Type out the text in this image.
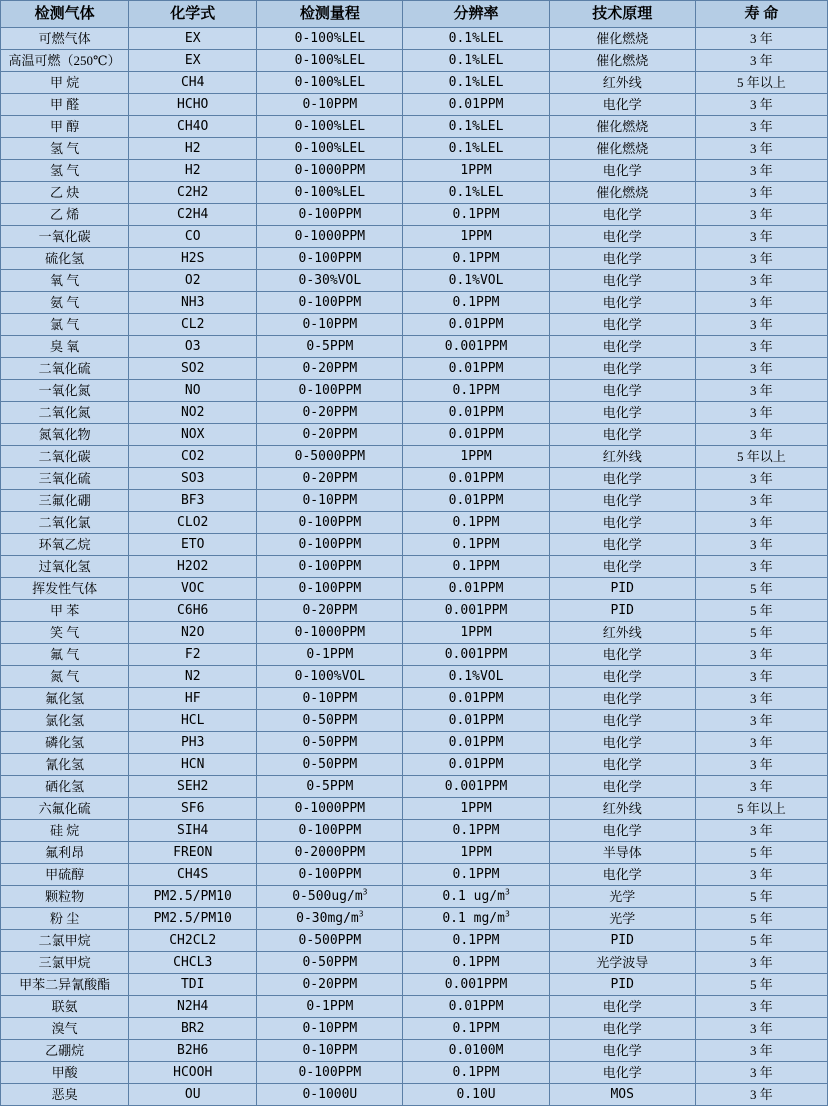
检测气体	化学式	检测量程	分辨率	技术原理	寿 命
可燃气体	EX	0-100%LEL	0.1%LEL	催化燃烧	3 年
高温可燃（250℃）	EX	0-100%LEL	0.1%LEL	催化燃烧	3 年
甲 烷	CH4	0-100%LEL	0.1%LEL	红外线	5 年以上
甲 醛	HCHO	0-10PPM	0.01PPM	电化学	3 年
甲 醇	CH4O	0-100%LEL	0.1%LEL	催化燃烧	3 年
氢 气	H2	0-100%LEL	0.1%LEL	催化燃烧	3 年
氢 气	H2	0-1000PPM	1PPM	电化学	3 年
乙 炔	C2H2	0-100%LEL	0.1%LEL	催化燃烧	3 年
乙 烯	C2H4	0-100PPM	0.1PPM	电化学	3 年
一氧化碳	CO	0-1000PPM	1PPM	电化学	3 年
硫化氢	H2S	0-100PPM	0.1PPM	电化学	3 年
氧 气	O2	0-30%VOL	0.1%VOL	电化学	3 年
氨 气	NH3	0-100PPM	0.1PPM	电化学	3 年
氯 气	CL2	0-10PPM	0.01PPM	电化学	3 年
臭 氧	O3	0-5PPM	0.001PPM	电化学	3 年
二氧化硫	SO2	0-20PPM	0.01PPM	电化学	3 年
一氧化氮	NO	0-100PPM	0.1PPM	电化学	3 年
二氧化氮	NO2	0-20PPM	0.01PPM	电化学	3 年
氮氧化物	NOX	0-20PPM	0.01PPM	电化学	3 年
二氧化碳	CO2	0-5000PPM	1PPM	红外线	5 年以上
三氧化硫	SO3	0-20PPM	0.01PPM	电化学	3 年
三氟化硼	BF3	0-10PPM	0.01PPM	电化学	3 年
二氧化氯	CLO2	0-100PPM	0.1PPM	电化学	3 年
环氧乙烷	ETO	0-100PPM	0.1PPM	电化学	3 年
过氧化氢	H2O2	0-100PPM	0.1PPM	电化学	3 年
挥发性气体	VOC	0-100PPM	0.01PPM	PID	5 年
甲 苯	C6H6	0-20PPM	0.001PPM	PID	5 年
笑 气	N2O	0-1000PPM	1PPM	红外线	5 年
氟 气	F2	0-1PPM	0.001PPM	电化学	3 年
氮 气	N2	0-100%VOL	0.1%VOL	电化学	3 年
氟化氢	HF	0-10PPM	0.01PPM	电化学	3 年
氯化氢	HCL	0-50PPM	0.01PPM	电化学	3 年
磷化氢	PH3	0-50PPM	0.01PPM	电化学	3 年
氰化氢	HCN	0-50PPM	0.01PPM	电化学	3 年
硒化氢	SEH2	0-5PPM	0.001PPM	电化学	3 年
六氟化硫	SF6	0-1000PPM	1PPM	红外线	5 年以上
硅 烷	SIH4	0-100PPM	0.1PPM	电化学	3 年
氟利昂	FREON	0-2000PPM	1PPM	半导体	5 年
甲硫醇	CH4S	0-100PPM	0.1PPM	电化学	3 年
颗粒物	PM2.5/PM10	$0-500ug/m^3$	0.1 $ug/m^3$	光学	5 年
粉 尘	PM2.5/PM10	$0-30mg/m^3$	0.1 $mg/m^3$	光学	5 年
二氯甲烷	CH2CL2	0-500PPM	0.1PPM	PID	5 年
三氯甲烷	CHCL3	0-50PPM	0.1PPM	光学波导	3 年
甲苯二异氰酸酯	TDI	0-20PPM	0.001PPM	PID	5 年
联氨	N2H4	0-1PPM	0.01PPM	电化学	3 年
溴气	BR2	0-10PPM	0.1PPM	电化学	3 年
乙硼烷	B2H6	0-10PPM	0.0100M	电化学	3 年
甲酸	HCOOH	0-100PPM	0.1PPM	电化学	3 年
恶臭	OU	0-1000U	0.10U	MOS	3 年
